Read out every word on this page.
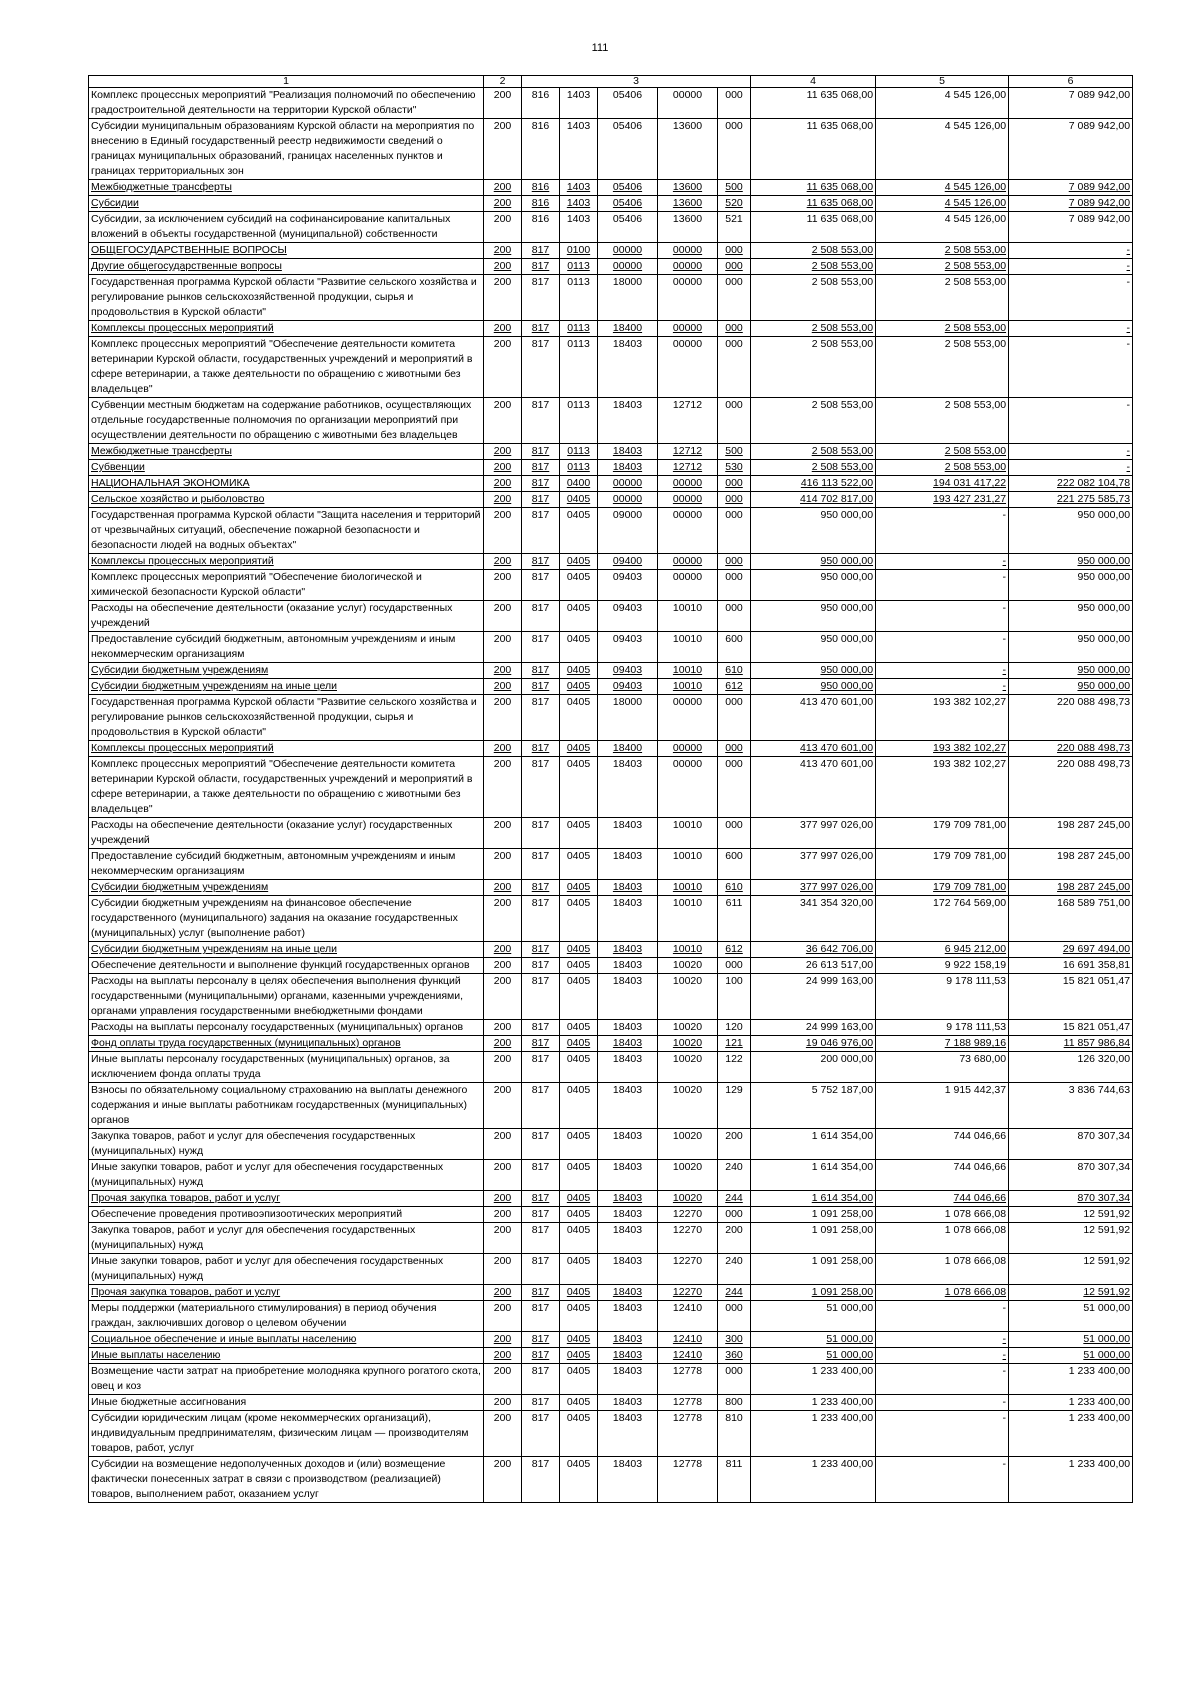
111
1	2	3					4	5	6
Комплекс процессных мероприятий "Реализация полномочий по обеспечению градостроительной деятельности на территории Курской области"	200	816	1403	05406	00000	000	11 635 068,00	4 545 126,00	7 089 942,00
Субсидии муниципальным образованиям Курской области на мероприятия по внесению в Единый государственный реестр недвижимости сведений о границах муниципальных образований, границах населенных пунктов и границах территориальных зон	200	816	1403	05406	13600	000	11 635 068,00	4 545 126,00	7 089 942,00
Межбюджетные трансферты	200	816	1403	05406	13600	500	11 635 068,00	4 545 126,00	7 089 942,00
Субсидии	200	816	1403	05406	13600	520	11 635 068,00	4 545 126,00	7 089 942,00
Субсидии, за исключением субсидий на софинансирование капитальных вложений в объекты государственной (муниципальной) собственности	200	816	1403	05406	13600	521	11 635 068,00	4 545 126,00	7 089 942,00
ОБЩЕГОСУДАРСТВЕННЫЕ ВОПРОСЫ	200	817	0100	00000	00000	000	2 508 553,00	2 508 553,00	-
Другие общегосударственные вопросы	200	817	0113	00000	00000	000	2 508 553,00	2 508 553,00	-
Государственная программа Курской области "Развитие сельского хозяйства и регулирование рынков сельскохозяйственной продукции, сырья и продовольствия в Курской области"	200	817	0113	18000	00000	000	2 508 553,00	2 508 553,00	-
Комплексы процессных мероприятий	200	817	0113	18400	00000	000	2 508 553,00	2 508 553,00	-
Комплекс процессных мероприятий "Обеспечение деятельности комитета ветеринарии Курской области, государственных учреждений и мероприятий в сфере ветеринарии, а также деятельности по обращению с животными без владельцев"	200	817	0113	18403	00000	000	2 508 553,00	2 508 553,00	-
Субвенции местным бюджетам на содержание работников, осуществляющих отдельные государственные полномочия по организации мероприятий при осуществлении деятельности по обращению с животными без владельцев	200	817	0113	18403	12712	000	2 508 553,00	2 508 553,00	-
Межбюджетные трансферты	200	817	0113	18403	12712	500	2 508 553,00	2 508 553,00	-
Субвенции	200	817	0113	18403	12712	530	2 508 553,00	2 508 553,00	-
НАЦИОНАЛЬНАЯ ЭКОНОМИКА	200	817	0400	00000	00000	000	416 113 522,00	194 031 417,22	222 082 104,78
Сельское хозяйство и рыболовство	200	817	0405	00000	00000	000	414 702 817,00	193 427 231,27	221 275 585,73
Государственная программа Курской области "Защита населения и территорий от чрезвычайных ситуаций, обеспечение пожарной безопасности и безопасности людей на водных объектах"	200	817	0405	09000	00000	000	950 000,00	-	950 000,00
Комплексы процессных мероприятий	200	817	0405	09400	00000	000	950 000,00	-	950 000,00
Комплекс процессных мероприятий "Обеспечение биологической и химической безопасности Курской области"	200	817	0405	09403	00000	000	950 000,00	-	950 000,00
Расходы на обеспечение деятельности (оказание услуг) государственных учреждений	200	817	0405	09403	10010	000	950 000,00	-	950 000,00
Предоставление субсидий бюджетным, автономным учреждениям и иным некоммерческим организациям	200	817	0405	09403	10010	600	950 000,00	-	950 000,00
Субсидии бюджетным учреждениям	200	817	0405	09403	10010	610	950 000,00	-	950 000,00
Субсидии бюджетным учреждениям на иные цели	200	817	0405	09403	10010	612	950 000,00	-	950 000,00
Государственная программа Курской области "Развитие сельского хозяйства и регулирование рынков сельскохозяйственной продукции, сырья и продовольствия в Курской области"	200	817	0405	18000	00000	000	413 470 601,00	193 382 102,27	220 088 498,73
Комплексы процессных мероприятий	200	817	0405	18400	00000	000	413 470 601,00	193 382 102,27	220 088 498,73
Комплекс процессных мероприятий "Обеспечение деятельности комитета ветеринарии Курской области, государственных учреждений и мероприятий в сфере ветеринарии, а также деятельности по обращению с животными без владельцев"	200	817	0405	18403	00000	000	413 470 601,00	193 382 102,27	220 088 498,73
Расходы на обеспечение деятельности (оказание услуг) государственных учреждений	200	817	0405	18403	10010	000	377 997 026,00	179 709 781,00	198 287 245,00
Предоставление субсидий бюджетным, автономным учреждениям и иным некоммерческим организациям	200	817	0405	18403	10010	600	377 997 026,00	179 709 781,00	198 287 245,00
Субсидии бюджетным учреждениям	200	817	0405	18403	10010	610	377 997 026,00	179 709 781,00	198 287 245,00
Субсидии бюджетным учреждениям на финансовое обеспечение государственного (муниципального) задания на оказание государственных (муниципальных) услуг (выполнение работ)	200	817	0405	18403	10010	611	341 354 320,00	172 764 569,00	168 589 751,00
Субсидии бюджетным учреждениям на иные цели	200	817	0405	18403	10010	612	36 642 706,00	6 945 212,00	29 697 494,00
Обеспечение деятельности и выполнение функций государственных органов	200	817	0405	18403	10020	000	26 613 517,00	9 922 158,19	16 691 358,81
Расходы на выплаты персоналу в целях обеспечения выполнения функций государственными (муниципальными) органами, казенными учреждениями, органами управления государственными внебюджетными фондами	200	817	0405	18403	10020	100	24 999 163,00	9 178 111,53	15 821 051,47
Расходы на выплаты персоналу государственных (муниципальных) органов	200	817	0405	18403	10020	120	24 999 163,00	9 178 111,53	15 821 051,47
Фонд оплаты труда государственных (муниципальных) органов	200	817	0405	18403	10020	121	19 046 976,00	7 188 989,16	11 857 986,84
Иные выплаты персоналу государственных (муниципальных) органов, за исключением фонда оплаты труда	200	817	0405	18403	10020	122	200 000,00	73 680,00	126 320,00
Взносы по обязательному социальному страхованию на выплаты денежного содержания и иные выплаты работникам государственных (муниципальных) органов	200	817	0405	18403	10020	129	5 752 187,00	1 915 442,37	3 836 744,63
Закупка товаров, работ и услуг для обеспечения государственных (муниципальных) нужд	200	817	0405	18403	10020	200	1 614 354,00	744 046,66	870 307,34
Иные закупки товаров, работ и услуг для обеспечения государственных (муниципальных) нужд	200	817	0405	18403	10020	240	1 614 354,00	744 046,66	870 307,34
Прочая закупка товаров, работ и услуг	200	817	0405	18403	10020	244	1 614 354,00	744 046,66	870 307,34
Обеспечение проведения противоэпизоотических мероприятий	200	817	0405	18403	12270	000	1 091 258,00	1 078 666,08	12 591,92
Закупка товаров, работ и услуг для обеспечения государственных (муниципальных) нужд	200	817	0405	18403	12270	200	1 091 258,00	1 078 666,08	12 591,92
Иные закупки товаров, работ и услуг для обеспечения государственных (муниципальных) нужд	200	817	0405	18403	12270	240	1 091 258,00	1 078 666,08	12 591,92
Прочая закупка товаров, работ и услуг	200	817	0405	18403	12270	244	1 091 258,00	1 078 666,08	12 591,92
Меры поддержки (материального стимулирования) в период обучения граждан, заключивших договор о целевом обучении	200	817	0405	18403	12410	000	51 000,00	-	51 000,00
Социальное обеспечение и иные выплаты населению	200	817	0405	18403	12410	300	51 000,00	-	51 000,00
Иные выплаты населению	200	817	0405	18403	12410	360	51 000,00	-	51 000,00
Возмещение части затрат на приобретение молодняка крупного рогатого скота, овец и коз	200	817	0405	18403	12778	000	1 233 400,00	-	1 233 400,00
Иные бюджетные ассигнования	200	817	0405	18403	12778	800	1 233 400,00	-	1 233 400,00
Субсидии юридическим лицам (кроме некоммерческих организаций), индивидуальным предпринимателям, физическим лицам — производителям товаров, работ, услуг	200	817	0405	18403	12778	810	1 233 400,00	-	1 233 400,00
Субсидии на возмещение недополученных доходов и (или) возмещение фактически понесенных затрат в связи с производством (реализацией) товаров, выполнением работ, оказанием услуг	200	817	0405	18403	12778	811	1 233 400,00	-	1 233 400,00
